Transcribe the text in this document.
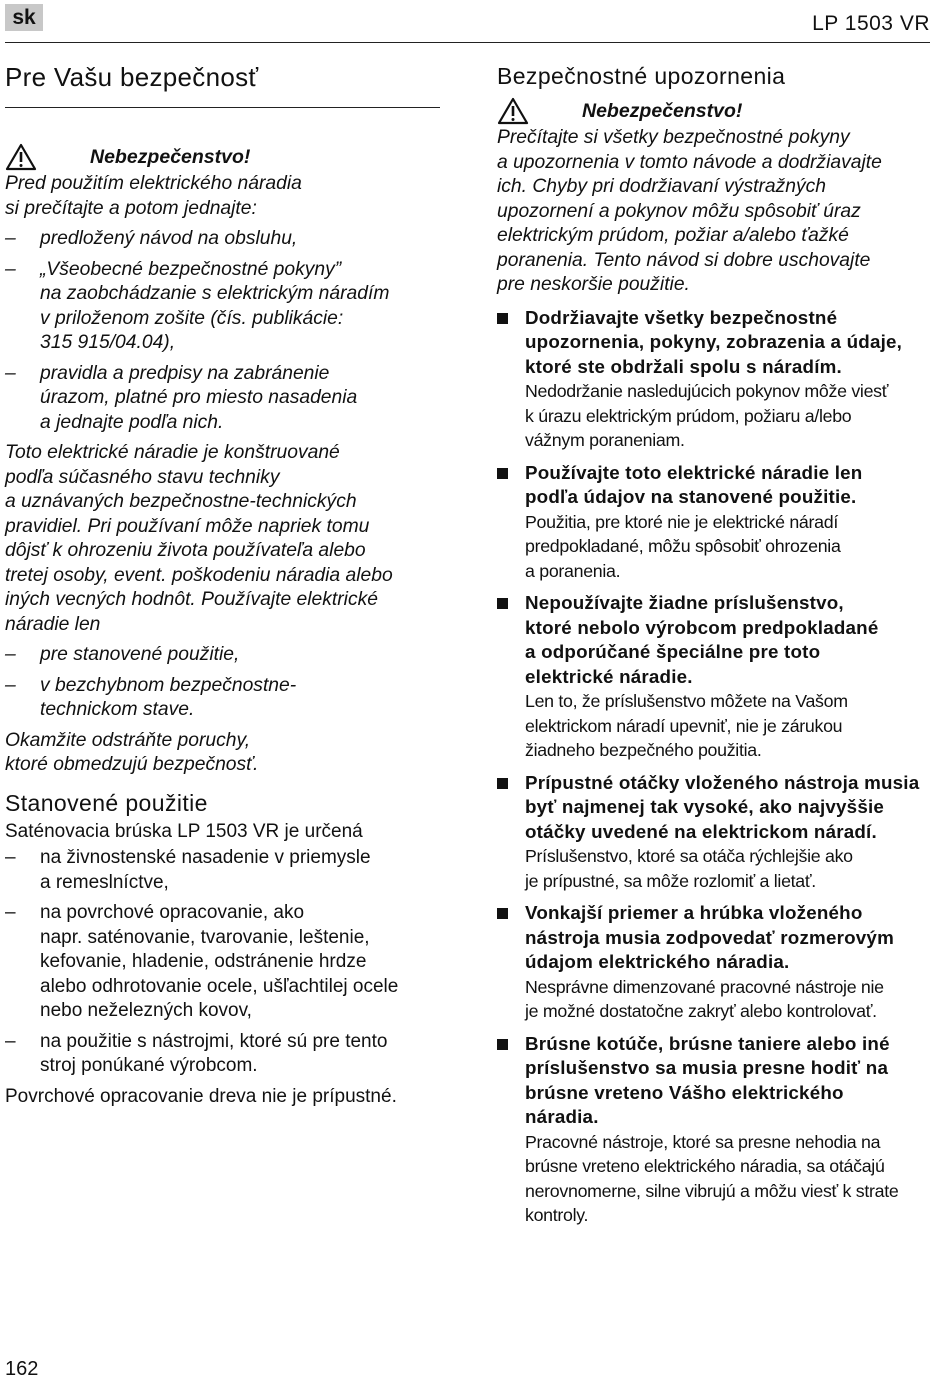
sk	LP 1503 VR
Pre Vašu bezpečnosť
Nebezpečenstvo!
Pred použitím elektrického náradia
si prečítajte a potom jednajte:
–	predložený návod na obsluhu,
–	„Všeobecné bezpečnostné pokyny”
na zaobchádzanie s elektrickým náradím
v priloženom zošite (čís. publikácie:
315 915/04.04),
–	pravidla a predpisy na zabránenie
úrazom, platné pro miesto nasadenia
a jednajte podľa nich.
Toto elektrické náradie je konštruované
podľa súčasného stavu techniky
a uznávaných bezpečnostne-technických
pravidiel. Pri používaní môže napriek tomu
dôjsť k ohrozeniu života používateľa alebo
tretej osoby, event. poškodeniu náradia alebo
iných vecných hodnôt. Používajte elektrické
náradie len
–	pre stanovené použitie,
–	v bezchybnom bezpečnostne-
technickom stave.
Okamžite odstráňte poruchy,
ktoré obmedzujú bezpečnosť.
Stanovené použitie
Saténovacia brúska LP 1503 VR je určená
–	na živnostenské nasadenie v priemysle
a remeslníctve,
–	na povrchové opracovanie, ako
napr. saténovanie, tvarovanie, leštenie,
kefovanie, hladenie, odstránenie hrdze
alebo odhrotovanie ocele, ušľachtilej ocele
nebo neželezných kovov,
–	na použitie s nástrojmi, ktoré sú pre tento
stroj ponúkané výrobcom.
Povrchové opracovanie dreva nie je prípustné.
Bezpečnostné upozornenia
Nebezpečenstvo!
Prečítajte si všetky bezpečnostné pokyny
a upozornenia v tomto návode a dodržiavajte
ich. Chyby pri dodržiavaní výstražných
upozornení a pokynov môžu spôsobiť úraz
elektrickým prúdom, požiar a/alebo ťažké
poranenia. Tento návod si dobre uschovajte
pre neskoršie použitie.
Dodržiavajte všetky bezpečnostné
upozornenia, pokyny, zobrazenia a údaje,
ktoré ste obdržali spolu s náradím.
Nedodržanie nasledujúcich pokynov môže viesť
k úrazu elektrickým prúdom, požiaru a/lebo
vážnym poraneniam.
Používajte toto elektrické náradie len
podľa údajov na stanovené použitie.
Použitia, pre ktoré nie je elektrické náradí
predpokladané, môžu spôsobiť ohrozenia
a poranenia.
Nepoužívajte žiadne príslušenstvo,
ktoré nebolo výrobcom predpokladané
a odporúčané špeciálne pre toto
elektrické náradie.
Len to, že príslušenstvo môžete na Vašom
elektrickom náradí upevniť, nie je zárukou
žiadneho bezpečného použitia.
Prípustné otáčky vloženého nástroja musia
byť najmenej tak vysoké, ako najvyššie
otáčky uvedené na elektrickom náradí.
Príslušenstvo, ktoré sa otáča rýchlejšie ako
je prípustné, sa môže rozlomiť a lietať.
Vonkajší priemer a hrúbka vloženého
nástroja musia zodpovedať rozmerovým
údajom elektrického náradia.
Nesprávne dimenzované pracovné nástroje nie
je možné dostatočne zakryť alebo kontrolovať.
Brúsne kotúče, brúsne taniere alebo iné
príslušenstvo sa musia presne hodiť na
brúsne vreteno Vášho elektrického
náradia.
Pracovné nástroje, ktoré sa presne nehodia na
brúsne vreteno elektrického náradia, sa otáčajú
nerovnomerne, silne vibrujú a môžu viesť k strate
kontroly.
162
